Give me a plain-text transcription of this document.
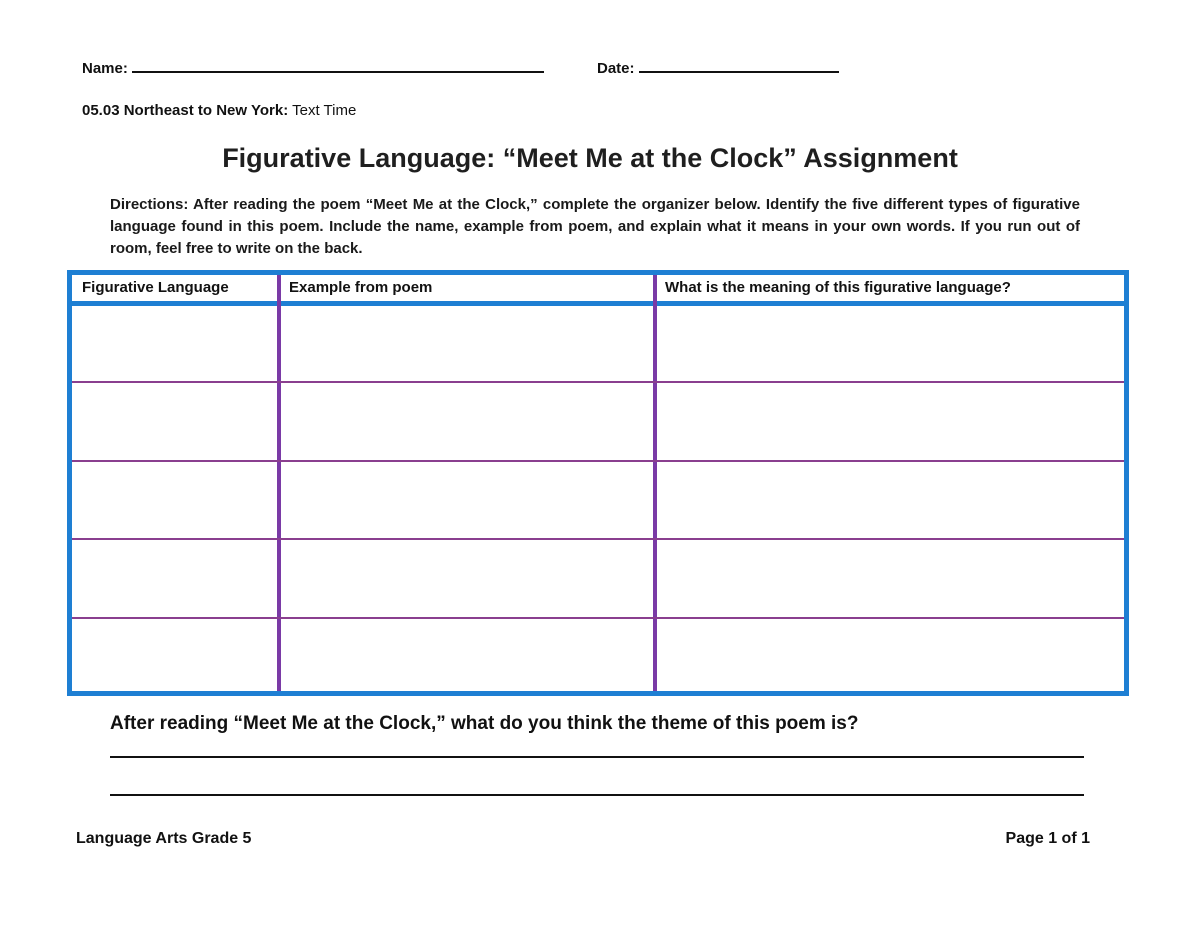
Name:	Date:
05.03 Northeast to New York: Text Time
Figurative Language: “Meet Me at the Clock” Assignment
Directions: After reading the poem “Meet Me at the Clock,” complete the organizer below. Identify the five different types of figurative language found in this poem. Include the name, example from poem, and explain what it means in your own words. If you run out of room, feel free to write on the back.
Figurative Language	Example from poem	What is the meaning of this figurative language?
After reading “Meet Me at the Clock,” what do you think the theme of this poem is?
Language Arts Grade 5	Page 1 of 1
